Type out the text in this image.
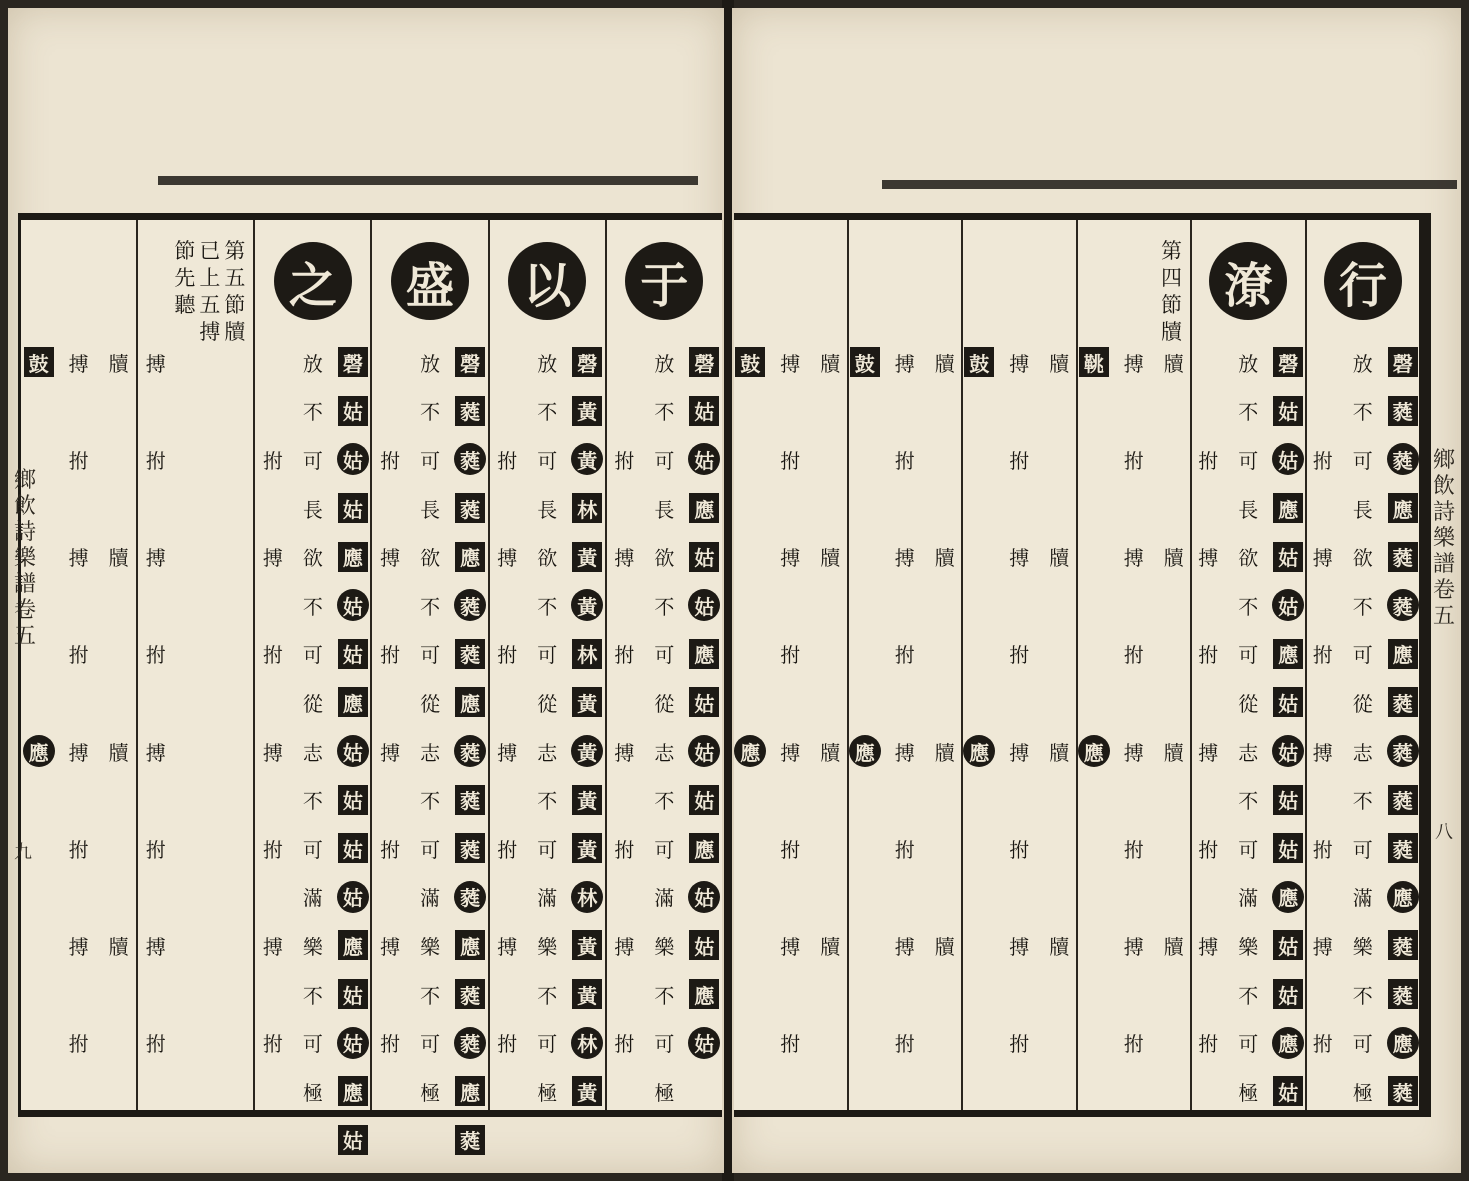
于
磬
姑
姑
應
姑
姑
應
姑
姑
姑
應
姑
姑
應
姑
放
不
可
長
欲
不
可
從
志
不
可
滿
樂
不
可
極
拊
搏
拊
搏
拊
搏
拊
以
磬
黃
黃
林
黃
黃
林
黃
黃
黃
黃
林
黃
黃
林
黃
放
不
可
長
欲
不
可
從
志
不
可
滿
樂
不
可
極
拊
搏
拊
搏
拊
搏
拊
盛
磬
蕤
蕤
蕤
應
蕤
蕤
應
蕤
蕤
蕤
蕤
應
蕤
蕤
應
蕤
放
不
可
長
欲
不
可
從
志
不
可
滿
樂
不
可
極
拊
搏
拊
搏
拊
搏
拊
之
磬
姑
姑
姑
應
姑
姑
應
姑
姑
姑
姑
應
姑
姑
應
姑
放
不
可
長
欲
不
可
從
志
不
可
滿
樂
不
可
極
拊
搏
拊
搏
拊
搏
拊
第
五
節
牘
已
上
五
搏
節
先
聽
搏
拊
搏
拊
搏
拊
搏
拊
牘
牘
牘
牘
搏
拊
搏
拊
搏
拊
搏
拊
鼓
應
鄉
飲
詩
樂
譜
卷
五
九
行
磬
蕤
蕤
應
蕤
蕤
應
蕤
蕤
蕤
蕤
應
蕤
蕤
應
蕤
放
不
可
長
欲
不
可
從
志
不
可
滿
樂
不
可
極
拊
搏
拊
搏
拊
搏
拊
潦
磬
姑
姑
應
姑
姑
應
姑
姑
姑
姑
應
姑
姑
應
姑
放
不
可
長
欲
不
可
從
志
不
可
滿
樂
不
可
極
拊
搏
拊
搏
拊
搏
拊
第
四
節
牘
牘
牘
牘
牘
搏
拊
搏
拊
搏
拊
搏
拊
鞉
應
牘
牘
牘
牘
搏
拊
搏
拊
搏
拊
搏
拊
鼓
應
牘
牘
牘
牘
搏
拊
搏
拊
搏
拊
搏
拊
鼓
應
牘
牘
牘
牘
搏
拊
搏
拊
搏
拊
搏
拊
鼓
應
鄉
飲
詩
樂
譜
卷
五
八
